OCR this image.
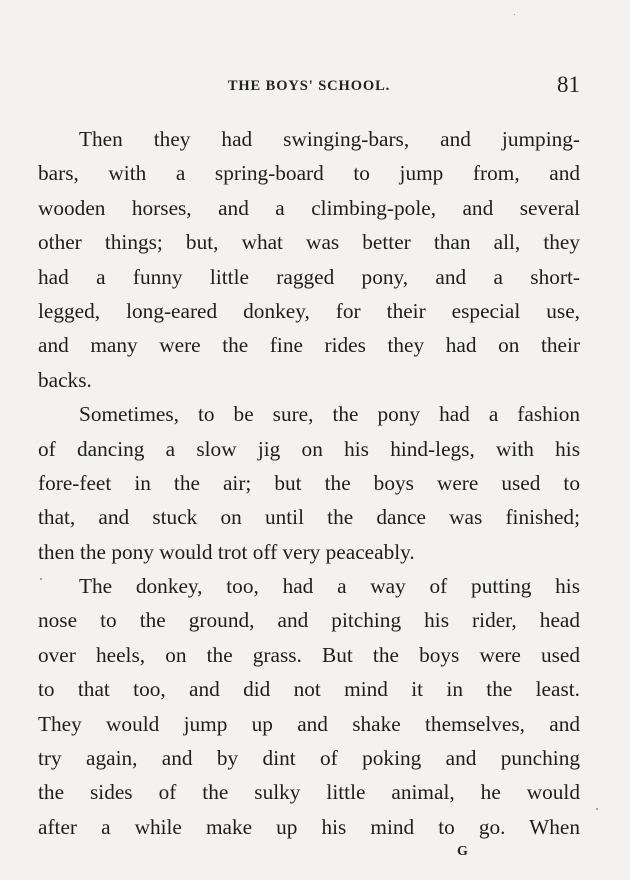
THE BOYS' SCHOOL.	81

Then they had swinging-bars, and jumping-
bars, with a spring-board to jump from, and
wooden horses, and a climbing-pole, and several
other things; but, what was better than all, they
had a funny little ragged pony, and a short-
legged, long-eared donkey, for their especial use,
and many were the fine rides they had on their
backs.

Sometimes, to be sure, the pony had a fashion
of dancing a slow jig on his hind-legs, with his
fore-feet in the air; but the boys were used to
that, and stuck on until the dance was finished;
then the pony would trot off very peaceably.

The donkey, too, had a way of putting his
nose to the ground, and pitching his rider, head
over heels, on the grass. But the boys were used
to that too, and did not mind it in the least.
They would jump up and shake themselves, and
try again, and by dint of poking and punching
the sides of the sulky little animal, he would
after a while make up his mind to go. When

G
